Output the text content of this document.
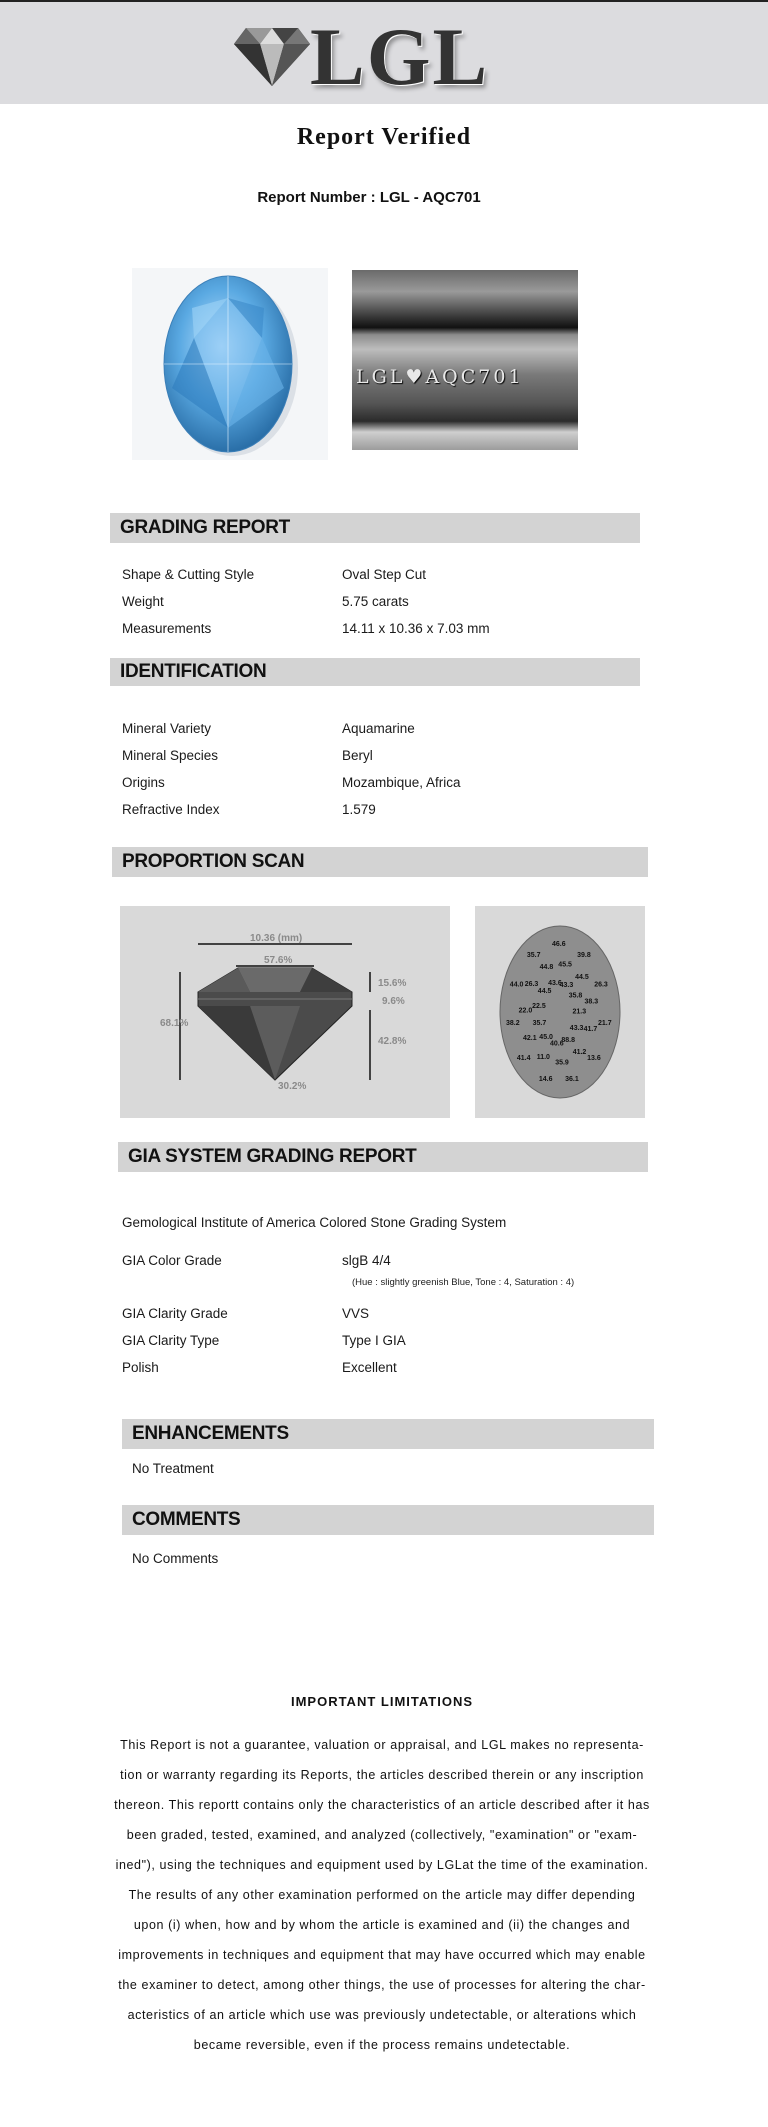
LGL
Report Verified
Report Number : LGL - AQC701
LGL♥AQC701
GRADING REPORT
Shape & Cutting Style	Oval Step Cut
Weight	5.75 carats
Measurements	14.11 x 10.36 x 7.03 mm
IDENTIFICATION
Mineral Variety	Aquamarine
Mineral Species	Beryl
Origins	Mozambique, Africa
Refractive Index	1.579
PROPORTION SCAN
10.36 (mm)
57.6%
68.1%
15.6%
9.6%
42.8%
30.2%
46.6
45.5
43.3
39.8
44.5
35.8
26.3
38.3
21.3
21.7
41.7
43.3
13.6
41.2
88.8
36.1
35.9
40.6
14.6
11.0
45.0
41.4
42.1
35.7
38.2
22.0
22.5
44.0 26.3
44.5
35.7
44.8
43.6
GIA SYSTEM GRADING REPORT
Gemological Institute of America Colored Stone Grading System
GIA Color Grade	slgB 4/4
(Hue : slightly greenish Blue, Tone : 4, Saturation : 4)
GIA Clarity Grade	VVS
GIA Clarity Type	Type I GIA
Polish	Excellent
ENHANCEMENTS
No Treatment
COMMENTS
No Comments
IMPORTANT LIMITATIONS
This Report is not a guarantee, valuation or appraisal, and LGL makes no representa-
tion or warranty regarding its Reports, the articles described therein or any inscription
thereon. This reportt contains only the characteristics of an article described after it has
been graded, tested, examined, and analyzed (collectively, "examination" or "exam-
ined"), using the techniques and equipment used by LGLat the time of the examination.
The results of any other examination performed on the article may differ depending
upon (i) when, how and by whom the article is examined and (ii) the changes and
improvements in techniques and equipment that may have occurred which may enable
the examiner to detect, among other things, the use of processes for altering the char-
acteristics of an article which use was previously undetectable, or alterations which
became reversible, even if the process remains undetectable.
